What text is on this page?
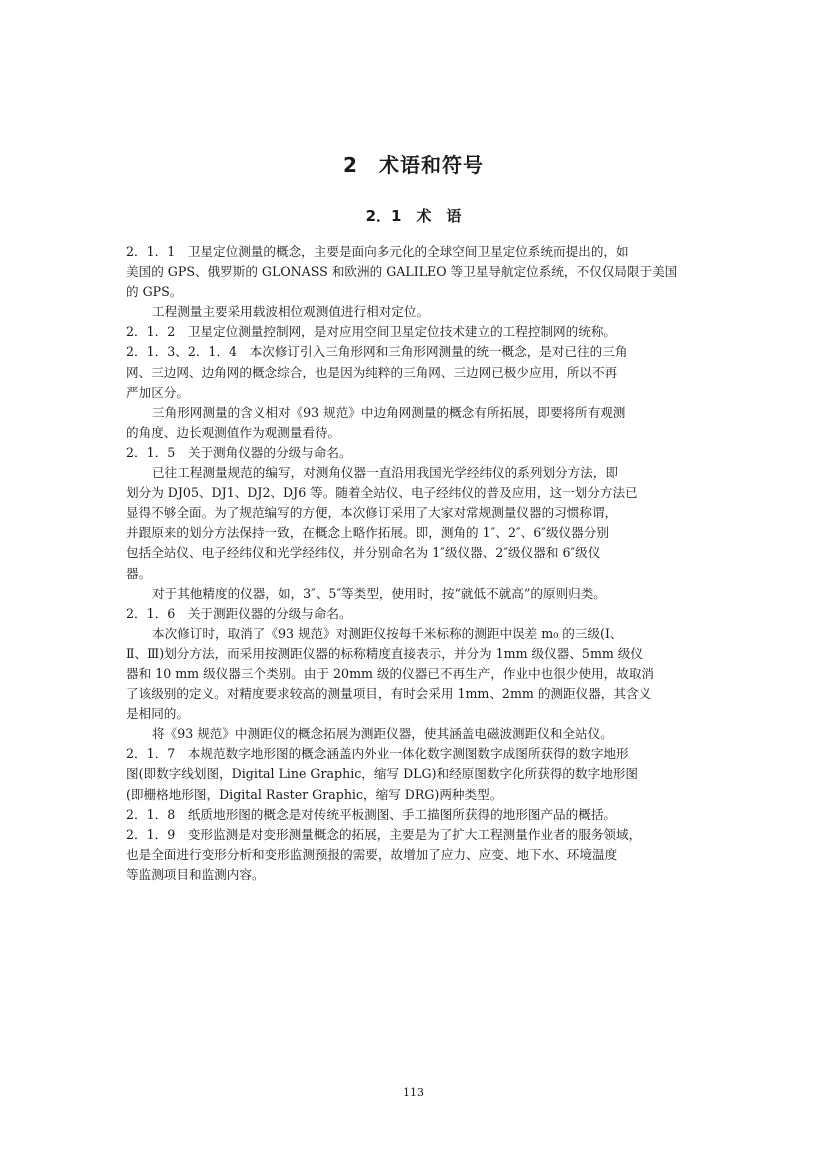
2　术语和符号
2．1　术　语
2．1．1　卫星定位测量的概念，主要是面向多元化的全球空间卫星定位系统而提出的，如
美国的 GPS、俄罗斯的 GLONASS 和欧洲的 GALILEO 等卫星导航定位系统，不仅仅局限于美国
的 GPS。
工程测量主要采用载波相位观测值进行相对定位。
2．1．2　卫星定位测量控制网，是对应用空间卫星定位技术建立的工程控制网的统称。
2．1．3、2．1．4　本次修订引入三角形网和三角形网测量的统一概念，是对已往的三角
网、三边网、边角网的概念综合，也是因为纯粹的三角网、三边网已极少应用，所以不再
严加区分。
三角形网测量的含义相对《93 规范》中边角网测量的概念有所拓展，即要将所有观测
的角度、边长观测值作为观测量看待。
2．1．5　关于测角仪器的分级与命名。
已往工程测量规范的编写，对测角仪器一直沿用我国光学经纬仪的系列划分方法，即
划分为 DJ05、DJ1、DJ2、DJ6 等。随着全站仪、电子经纬仪的普及应用，这一划分方法已
显得不够全面。为了规范编写的方便，本次修订采用了大家对常规测量仪器的习惯称谓，
并跟原来的划分方法保持一致，在概念上略作拓展。即，测角的 1″、2″、6″级仪器分别
包括全站仪、电子经纬仪和光学经纬仪，并分别命名为 1″级仪器、2″级仪器和 6″级仪
器。
对于其他精度的仪器，如，3″、5″等类型，使用时，按“就低不就高”的原则归类。
2．1．6　关于测距仪器的分级与命名。
本次修订时，取消了《93 规范》对测距仪按每千米标称的测距中误差 m₀ 的三级(Ⅰ、
Ⅱ、Ⅲ)划分方法，而采用按测距仪器的标称精度直接表示，并分为 1mm 级仪器、5mm 级仪
器和 10 mm 级仪器三个类别。由于 20mm 级的仪器已不再生产，作业中也很少使用，故取消
了该级别的定义。对精度要求较高的测量项目，有时会采用 1mm、2mm 的测距仪器，其含义
是相同的。
将《93 规范》中测距仪的概念拓展为测距仪器，使其涵盖电磁波测距仪和全站仪。
2．1．7　本规范数字地形图的概念涵盖内外业一体化数字测图数字成图所获得的数字地形
图(即数字线划图，Digital Line Graphic，缩写 DLG)和经原图数字化所获得的数字地形图
(即栅格地形图，Digital Raster Graphic，缩写 DRG)两种类型。
2．1．8　纸质地形图的概念是对传统平板测图、手工描图所获得的地形图产品的概括。
2．1．9　变形监测是对变形测量概念的拓展，主要是为了扩大工程测量作业者的服务领域，
也是全面进行变形分析和变形监测预报的需要，故增加了应力、应变、地下水、环境温度
等监测项目和监测内容。
113
